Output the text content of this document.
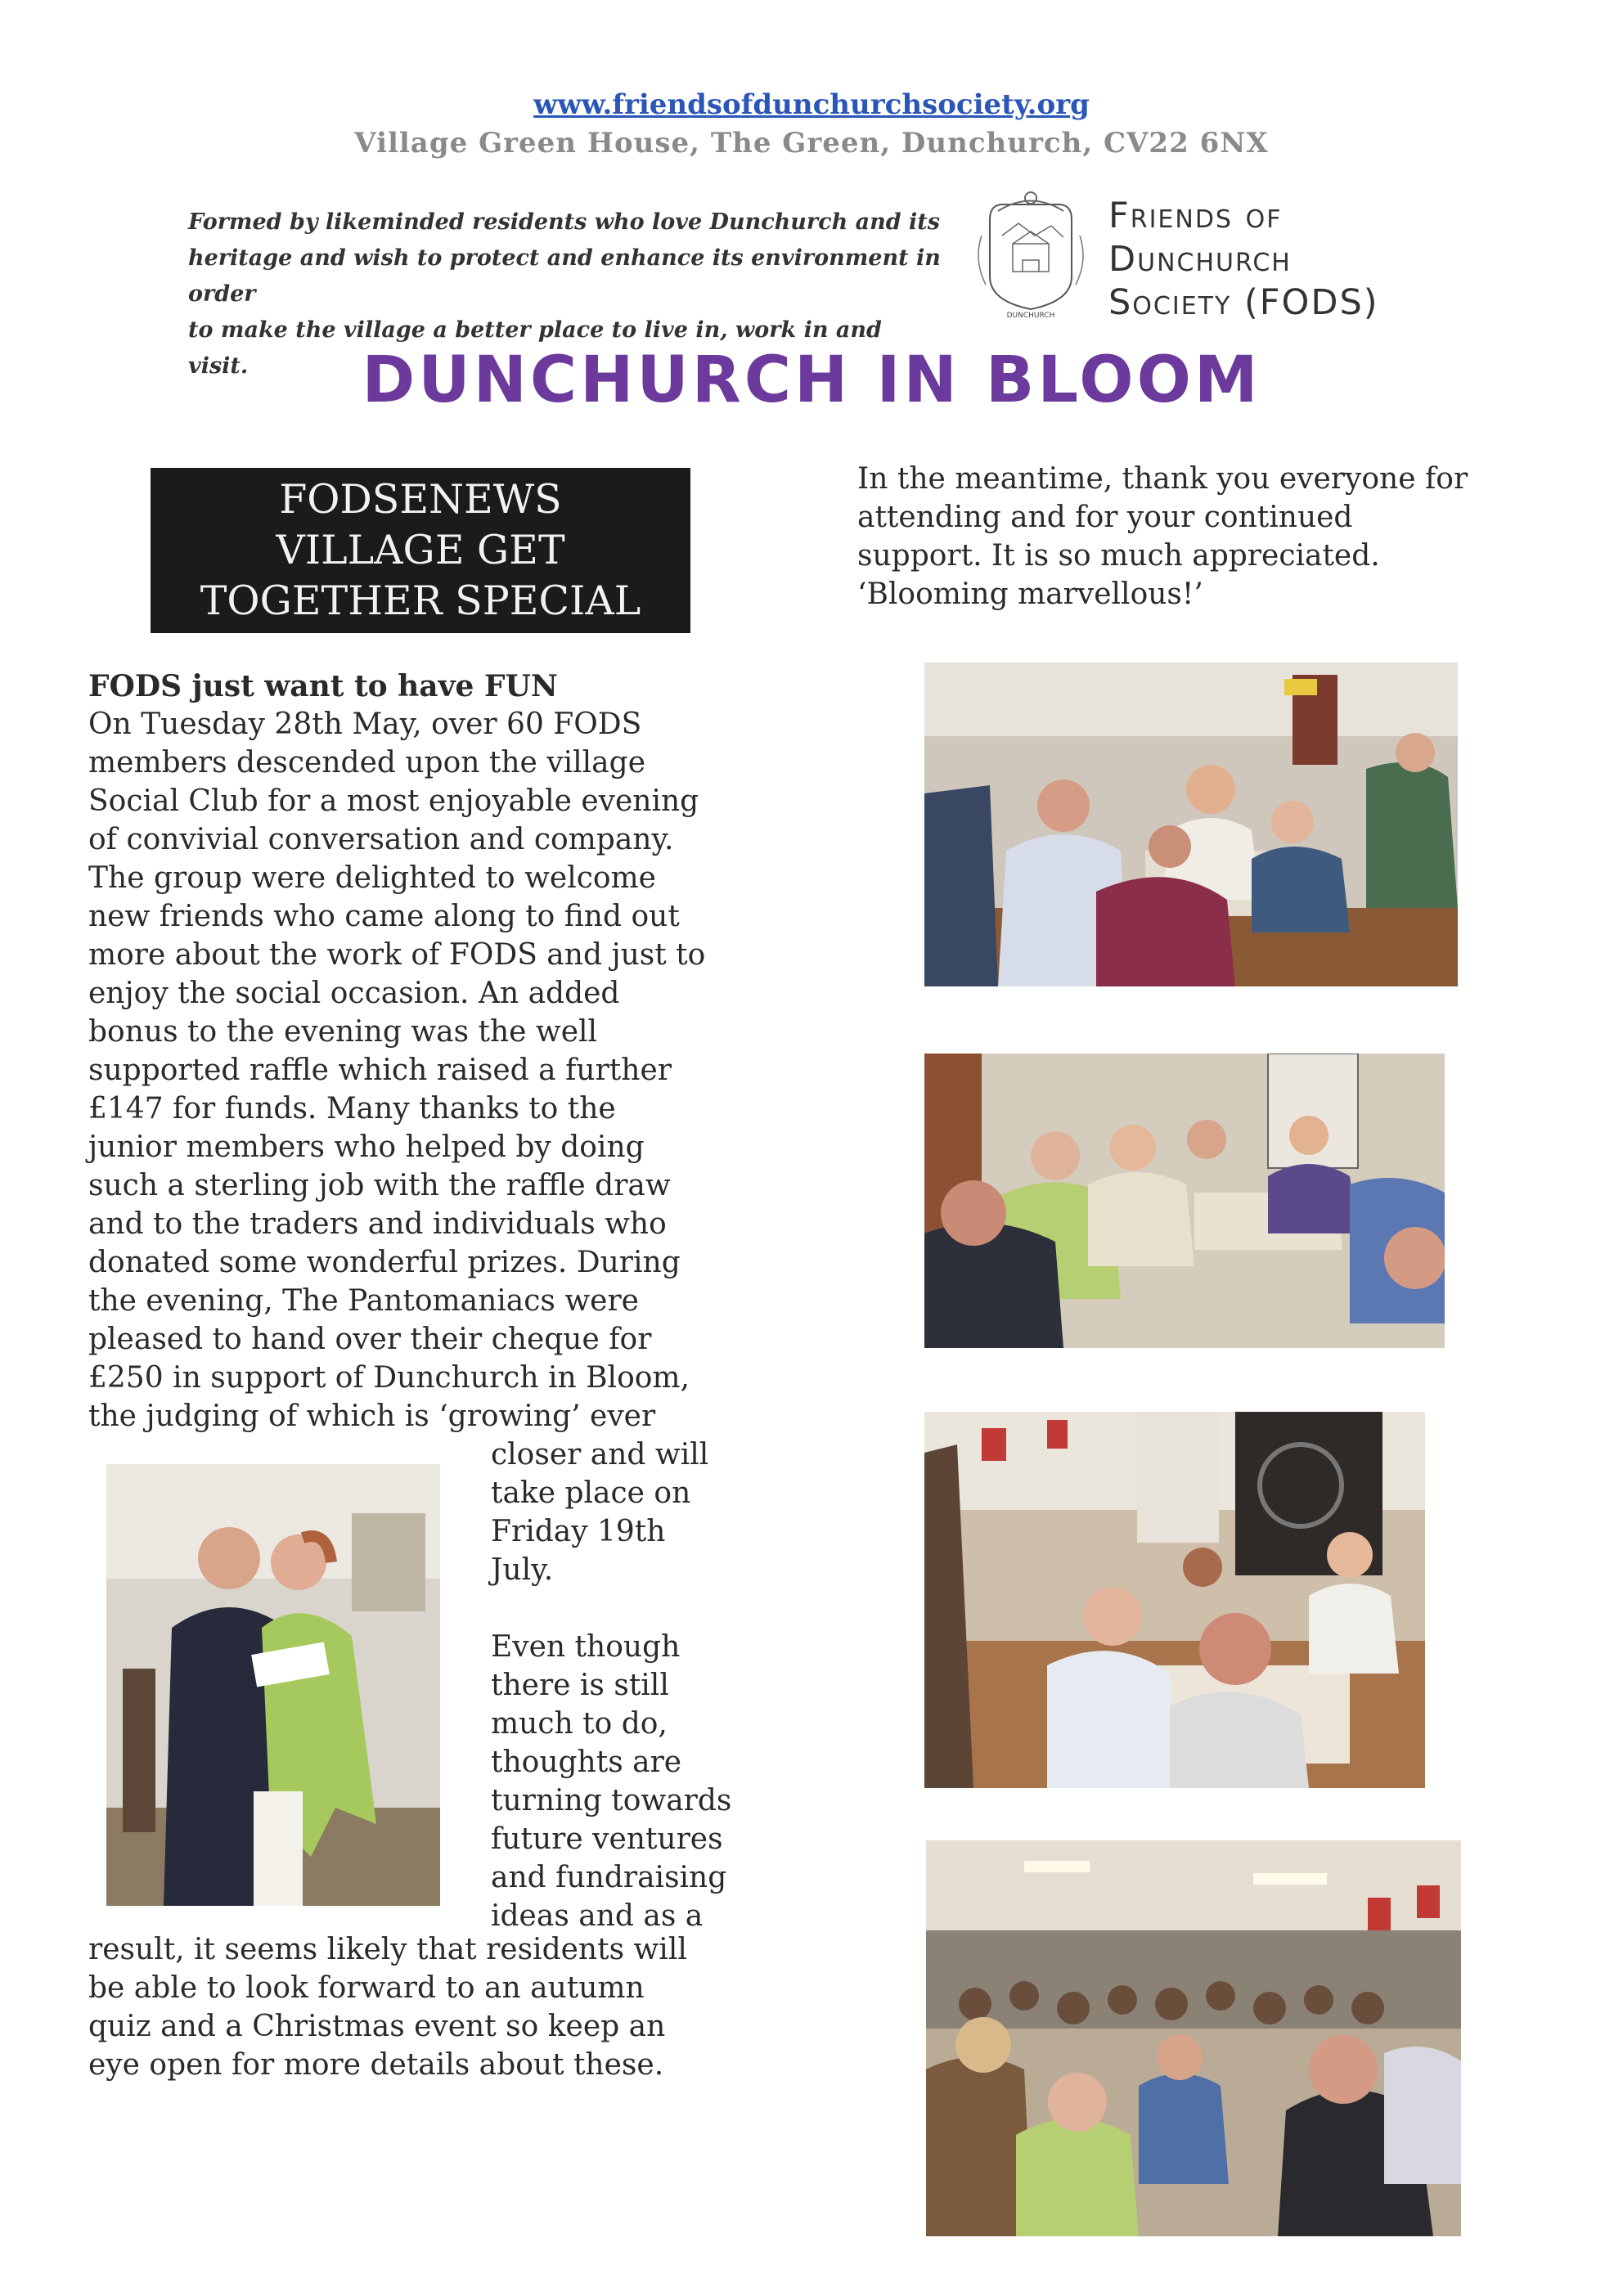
www.friendsofdunchurchsociety.org
Village Green House, The Green, Dunchurch, CV22 6NX
Formed by likeminded residents who love Dunchurch and its
heritage and wish to protect and enhance its environment in order
to make the village a better place to live in, work in and visit.
DUNCHURCH
Friends of
Dunchurch
Society (FODS)
DUNCHURCH IN BLOOM
FODSENEWS
VILLAGE GET
TOGETHER SPECIAL
FODS just want to have FUN
On Tuesday 28th May, over 60 FODS
members descended upon the village
Social Club for a most enjoyable evening
of convivial conversation and company.
The group were delighted to welcome
new friends who came along to find out
more about the work of FODS and just to
enjoy the social occasion. An added
bonus to the evening was the well
supported raffle which raised a further
£147 for funds. Many thanks to the
junior members who helped by doing
such a sterling job with the raffle draw
and to the traders and individuals who
donated some wonderful prizes. During
the evening, The Pantomaniacs were
pleased to hand over their cheque for
£250 in support of Dunchurch in Bloom,
the judging of which is ‘growing’ ever
closer and will
take place on
Friday 19th
July.
Even though
there is still
much to do,
thoughts are
turning towards
future ventures
and fundraising
ideas and as a
result, it seems likely that residents will
be able to look forward to an autumn
quiz and a Christmas event so keep an
eye open for more details about these.
In the meantime, thank you everyone for
attending and for your continued
support. It is so much appreciated.
‘Blooming marvellous!’
